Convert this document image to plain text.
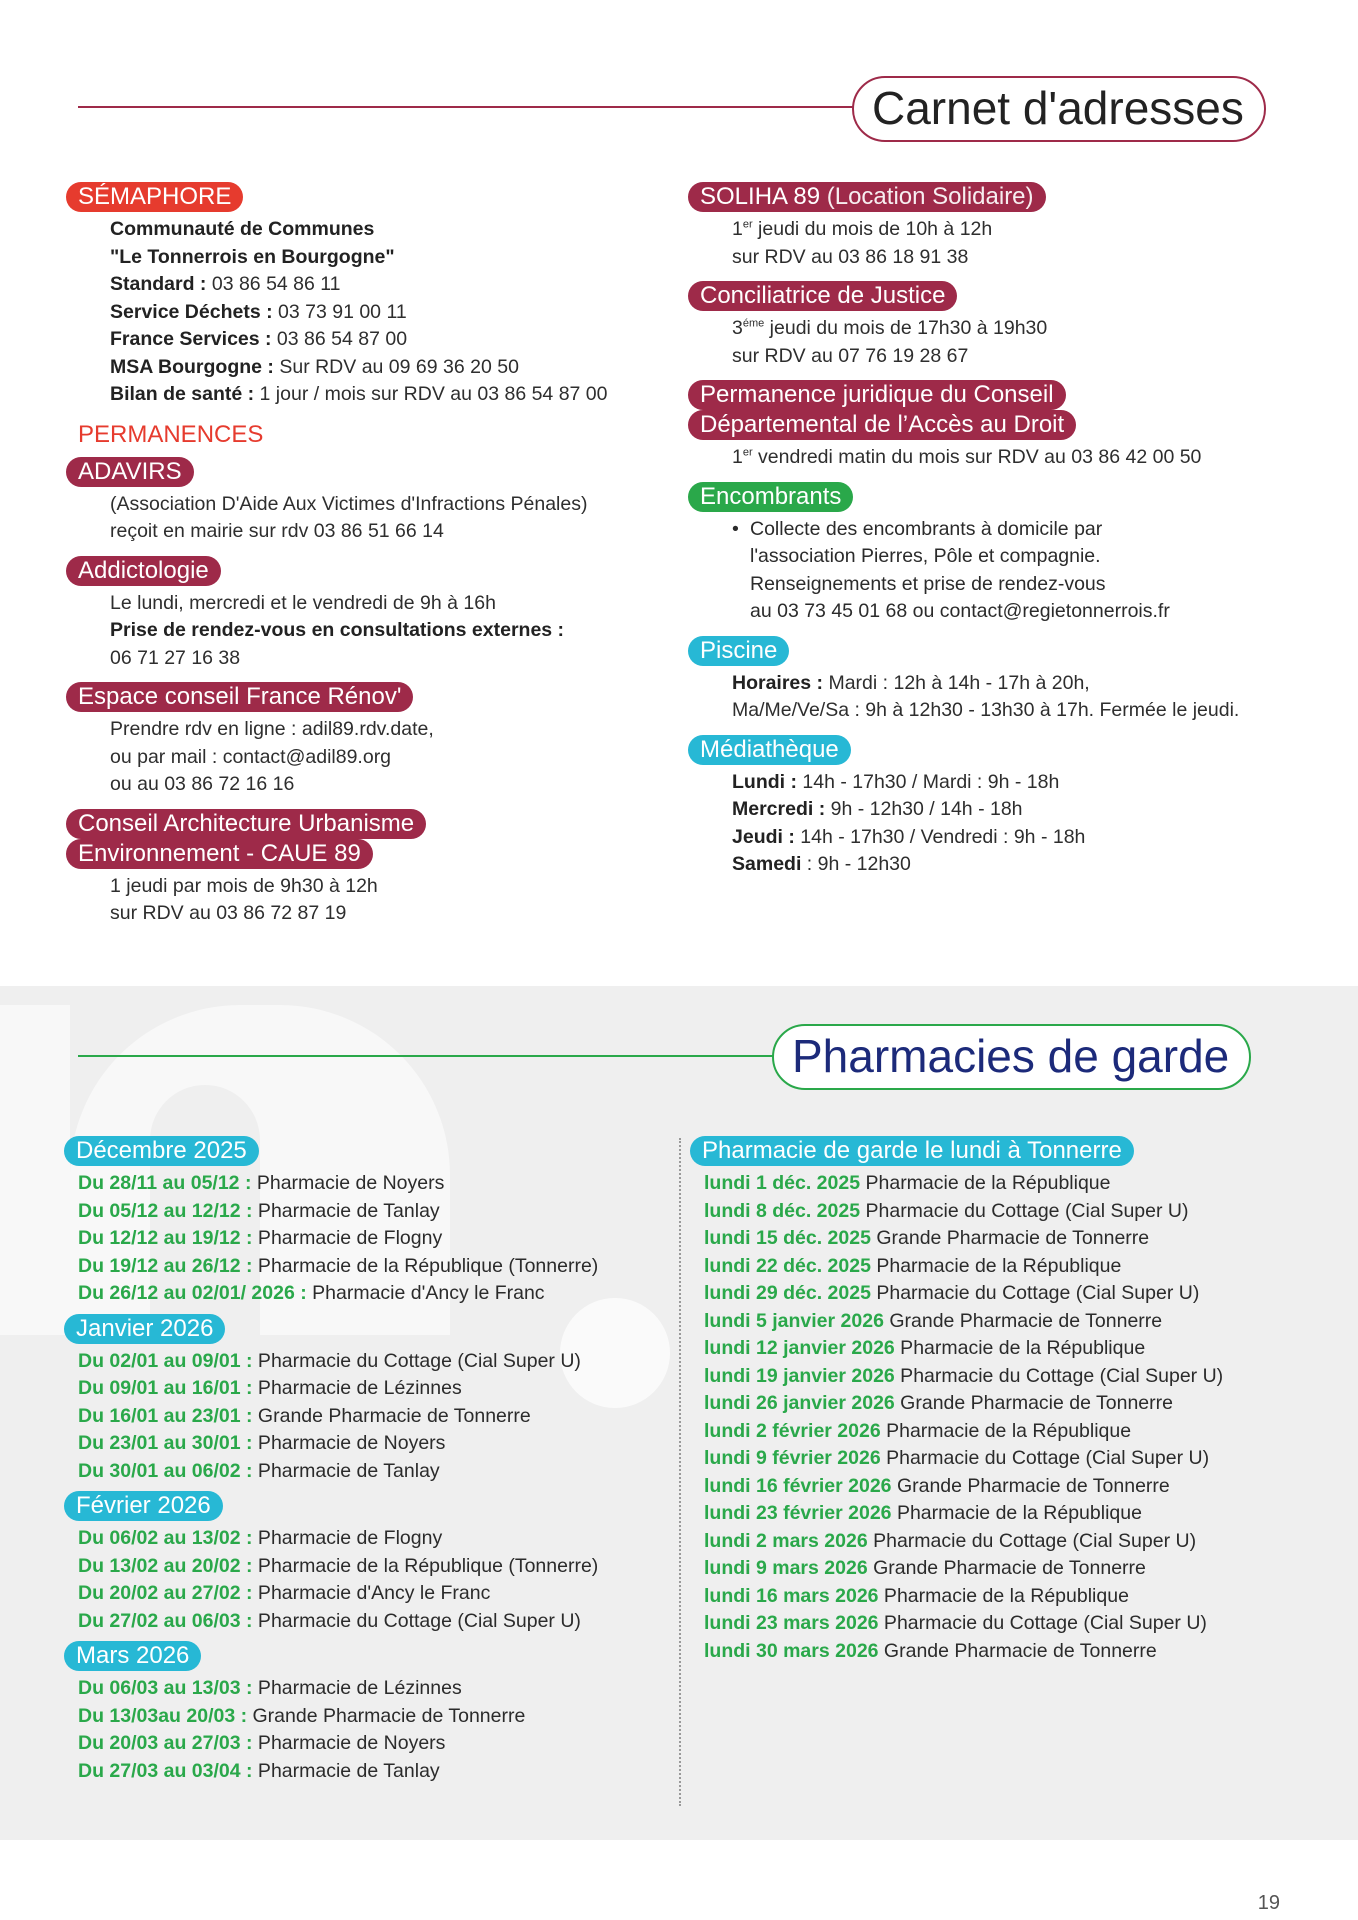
Carnet d'adresses
SÉMAPHORE
Communauté de Communes
"Le Tonnerrois en Bourgogne"
Standard : 03 86 54 86 11
Service Déchets : 03 73 91 00 11
France Services : 03 86 54 87 00
MSA Bourgogne : Sur RDV au 09 69 36 20 50
Bilan de santé : 1 jour / mois sur RDV au 03 86 54 87 00
PERMANENCES
ADAVIRS
(Association D'Aide Aux Victimes d'Infractions Pénales)
reçoit en mairie sur rdv 03 86 51 66 14
Addictologie
Le lundi, mercredi et le vendredi de 9h à 16h
Prise de rendez-vous en consultations externes :
06 71 27 16 38
Espace conseil France Rénov'
Prendre rdv en ligne : adil89.rdv.date,
ou par mail : contact@adil89.org
ou au 03 86 72 16 16
Conseil Architecture Urbanisme
Environnement - CAUE 89
1 jeudi par mois de 9h30 à 12h
sur RDV au 03 86 72 87 19
SOLIHA 89 (Location Solidaire)
1er jeudi du mois de 10h à 12h
sur RDV au 03 86 18 91 38
Conciliatrice de Justice
$3^{éme}$ jeudi du mois de 17h30 à 19h30
sur RDV au 07 76 19 28 67
Permanence juridique du Conseil
Départemental de l’Accès au Droit
1er vendredi matin du mois sur RDV au 03 86 42 00 50
Encombrants
• Collecte des encombrants à domicile par
l'association Pierres, Pôle et compagnie.
Renseignements et prise de rendez-vous
au 03 73 45 01 68 ou contact@regietonnerrois.fr
Piscine
Horaires : Mardi : 12h à 14h - 17h à 20h,
Ma/Me/Ve/Sa : 9h à 12h30 - 13h30 à 17h. Fermée le jeudi.
Médiathèque
Lundi : 14h - 17h30 / Mardi : 9h - 18h
Mercredi : 9h - 12h30 / 14h - 18h
Jeudi : 14h - 17h30 / Vendredi : 9h - 18h
Samedi : 9h - 12h30
Pharmacies de garde
Décembre 2025
Du 28/11 au 05/12 : Pharmacie de Noyers
Du 05/12 au 12/12 : Pharmacie de Tanlay
Du 12/12 au 19/12 : Pharmacie de Flogny
Du 19/12 au 26/12 : Pharmacie de la République (Tonnerre)
Du 26/12 au 02/01/ 2026 : Pharmacie d'Ancy le Franc
Janvier 2026
Du 02/01 au 09/01 : Pharmacie du Cottage (Cial Super U)
Du 09/01 au 16/01 : Pharmacie de Lézinnes
Du 16/01 au 23/01 : Grande Pharmacie de Tonnerre
Du 23/01 au 30/01 : Pharmacie de Noyers
Du 30/01 au 06/02 : Pharmacie de Tanlay
Février 2026
Du 06/02 au 13/02 : Pharmacie de Flogny
Du 13/02 au 20/02 : Pharmacie de la République (Tonnerre)
Du 20/02 au 27/02 : Pharmacie d'Ancy le Franc
Du 27/02 au 06/03 : Pharmacie du Cottage (Cial Super U)
Mars 2026
Du 06/03 au 13/03 : Pharmacie de Lézinnes
Du 13/03au 20/03 : Grande Pharmacie de Tonnerre
Du 20/03 au 27/03 : Pharmacie de Noyers
Du 27/03 au 03/04 : Pharmacie de Tanlay
Pharmacie de garde le lundi à Tonnerre
lundi 1 déc. 2025 Pharmacie de la République
lundi 8 déc. 2025 Pharmacie du Cottage (Cial Super U)
lundi 15 déc. 2025 Grande Pharmacie de Tonnerre
lundi 22 déc. 2025 Pharmacie de la République
lundi 29 déc. 2025 Pharmacie du Cottage (Cial Super U)
lundi 5 janvier 2026 Grande Pharmacie de Tonnerre
lundi 12 janvier 2026 Pharmacie de la République
lundi 19 janvier 2026 Pharmacie du Cottage (Cial Super U)
lundi 26 janvier 2026 Grande Pharmacie de Tonnerre
lundi 2 février 2026 Pharmacie de la République
lundi 9 février 2026 Pharmacie du Cottage (Cial Super U)
lundi 16 février 2026 Grande Pharmacie de Tonnerre
lundi 23 février 2026 Pharmacie de la République
lundi 2 mars 2026 Pharmacie du Cottage (Cial Super U)
lundi 9 mars 2026 Grande Pharmacie de Tonnerre
lundi 16 mars 2026 Pharmacie de la République
lundi 23 mars 2026 Pharmacie du Cottage (Cial Super U)
lundi 30 mars 2026 Grande Pharmacie de Tonnerre
19
